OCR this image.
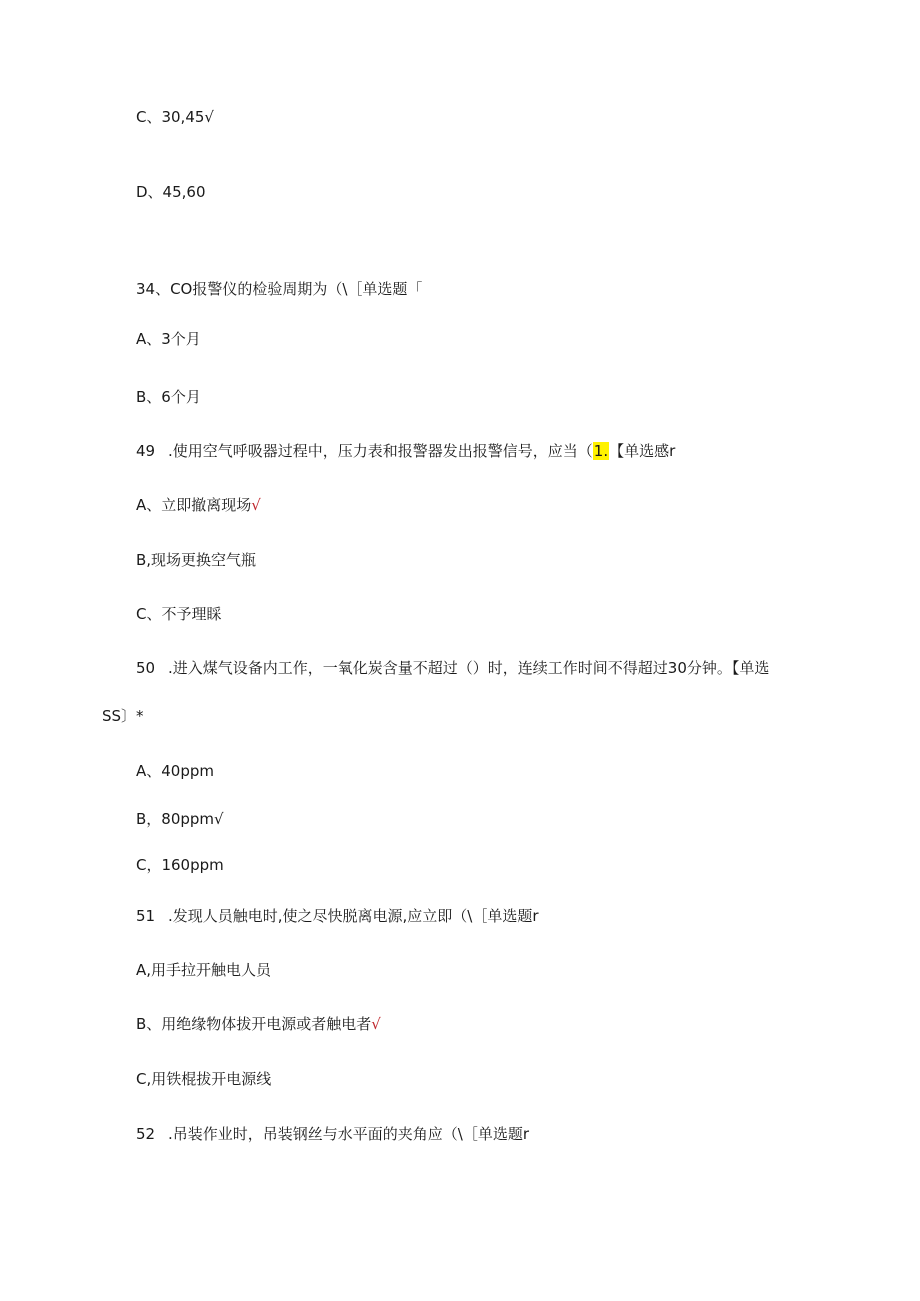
C、30,45√
D、45,60
34、CO报警仪的检验周期为（\［单选题「
A、3个月
B、6个月
49 .使用空气呼吸器过程中，压力表和报警器发出报警信号，应当（1.【单选感r
A、立即撤离现场√
B,现场更换空气瓶
C、不予理睬
50 .进入煤气设备内工作，一氧化炭含量不超过（）时，连续工作时间不得超过30分钟。【单选
SS〕*
A、40ppm
B，80ppm√
C，160ppm
51 .发现人员触电时,使之尽快脱离电源,应立即（\［单选题r
A,用手拉开触电人员
B、用绝缘物体拔开电源或者触电者√
C,用铁棍拔开电源线
52 .吊装作业时，吊装钢丝与水平面的夹角应（\［单选题r
